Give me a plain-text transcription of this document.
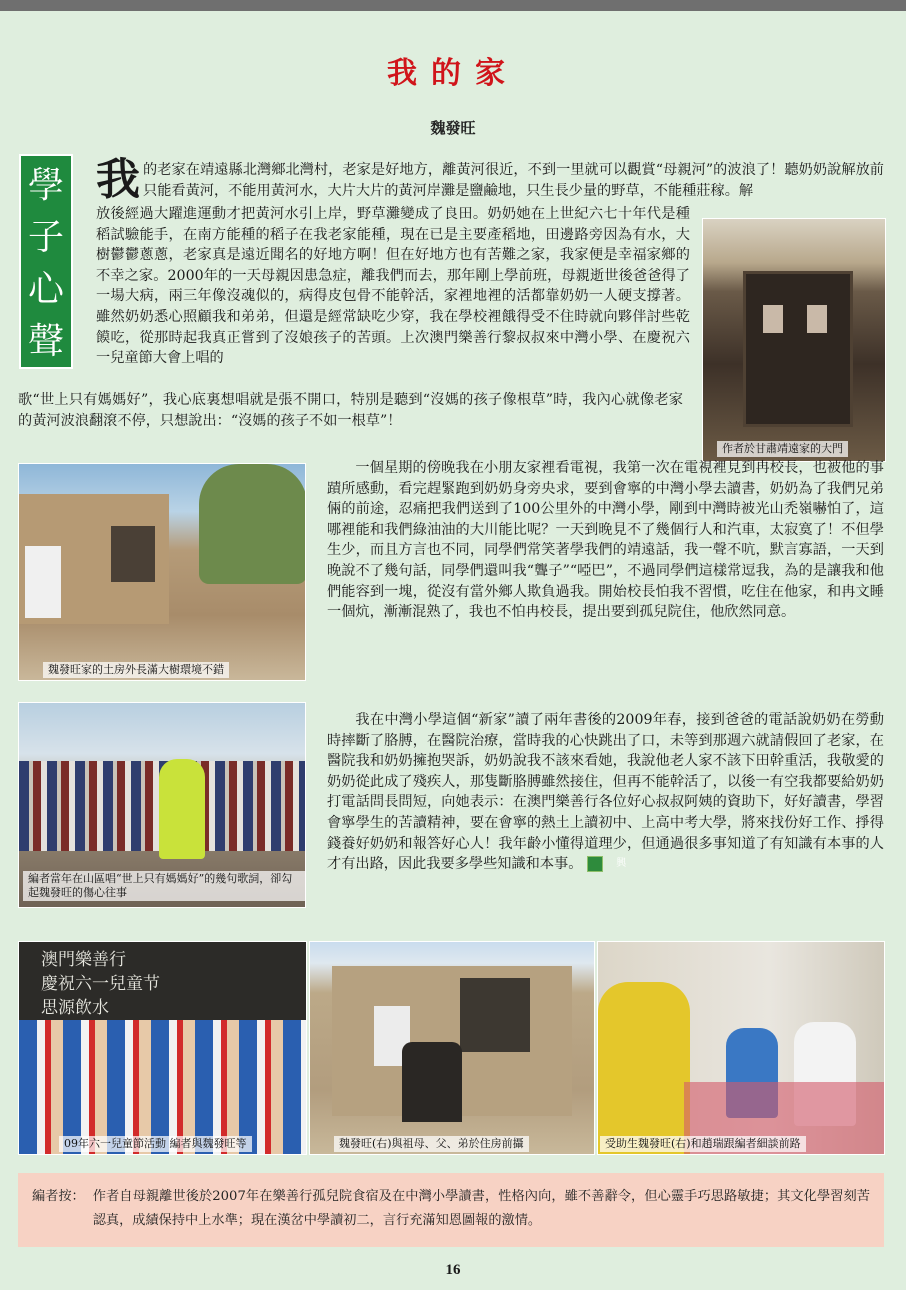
我的家
魏發旺
學
子
心
聲
我的老家在靖遠縣北灣鄉北灣村，老家是好地方，離黃河很近，不到一里就可以觀賞“母親河”的波浪了！聽奶奶說解放前只能看黃河，不能用黃河水，大片大片的黃河岸灘是鹽鹼地，只生長少量的野草，不能種莊稼。解
放後經過大躍進運動才把黃河水引上岸，野草灘變成了良田。奶奶她在上世紀六七十年代是種稻試驗能手，在南方能種的稻子在我老家能種，現在已是主要產稻地，田邊路旁因為有水，大樹鬱鬱蔥蔥，老家真是遠近聞名的好地方啊！但在好地方也有苦難之家，我家便是幸福家鄉的不幸之家。2000年的一天母親因患急症，離我們而去，那年剛上學前班，母親逝世後爸爸得了一場大病，兩三年像沒魂似的，病得皮包骨不能幹活，家裡地裡的活都靠奶奶一人硬支撐著。雖然奶奶悉心照顧我和弟弟，但還是經常缺吃少穿，我在學校裡餓得受不住時就向夥伴討些乾饃吃，從那時起我真正嘗到了沒娘孩子的苦頭。上次澳門樂善行黎叔叔來中灣小學、在慶祝六一兒童節大會上唱的
歌“世上只有媽媽好”，我心底裏想唱就是張不開口，特別是聽到“沒媽的孩子像根草”時，我內心就像老家的黃河波浪翻滾不停，只想說出：“沒媽的孩子不如一根草”！
作者於甘肅靖遠家的大門
魏發旺家的土房外長滿大樹環境不錯
一個星期的傍晚我在小朋友家裡看電視，我第一次在電視裡見到冉校長，也被他的事蹟所感動，看完趕緊跑到奶奶身旁央求，要到會寧的中灣小學去讀書，奶奶為了我們兄弟倆的前途，忍痛把我們送到了100公里外的中灣小學，剛到中灣時被光山禿嶺嚇怕了，這哪裡能和我們綠油油的大川能比呢？一天到晚見不了幾個行人和汽車，太寂寞了！不但學生少，而且方言也不同，同學們常笑著學我們的靖遠話，我一聲不吭，默言寡語，一天到晚說不了幾句話，同學們還叫我“聾子”“啞巴”，不過同學們這樣常逗我，為的是讓我和他們能容到一塊，從沒有當外鄉人欺負過我。開始校長怕我不習慣，吃住在他家，和冉文睡一個炕，漸漸混熟了，我也不怕冉校長，提出要到孤兒院住，他欣然同意。
編者當年在山區唱“世上只有媽媽好”的幾句歌詞，卻勾起魏發旺的傷心往事
我在中灣小學這個“新家”讀了兩年書後的2009年春，接到爸爸的電話說奶奶在勞動時摔斷了胳膊，在醫院治療，當時我的心快跳出了口，未等到那週六就請假回了老家，在醫院我和奶奶擁抱哭訴，奶奶說我不該來看她，我說他老人家不該下田幹重活，我敬愛的奶奶從此成了殘疾人，那隻斷胳膊雖然接住，但再不能幹活了，以後一有空我都要給奶奶打電話問長問短，向她表示：在澳門樂善行各位好心叔叔阿姨的資助下，好好讀書，學習會寧學生的苦讀精神，要在會寧的熱土上讀初中、上高中考大學，將來找份好工作、掙得錢養好奶奶和報答好心人！我年齡小懂得道理少，但通過很多事知道了有知識有本事的人才有出路，因此我要多學些知識和本事。	興
澳門樂善行
慶祝六一兒童节
思源飲水
09年六一兒童節活動 編者與魏發旺等	魏發旺(右)與祖母、父、弟於住房前攝	受助生魏發旺(右)和趙瑞跟編者細談前路
編者按： 作者自母親離世後於2007年在樂善行孤兒院食宿及在中灣小學讀書，性格內向，雖不善辭令，但心靈手巧思路敏捷；其文化學習刻苦認真，成績保持中上水準；現在漢岔中學讀初二，言行充滿知恩圖報的激情。
16
